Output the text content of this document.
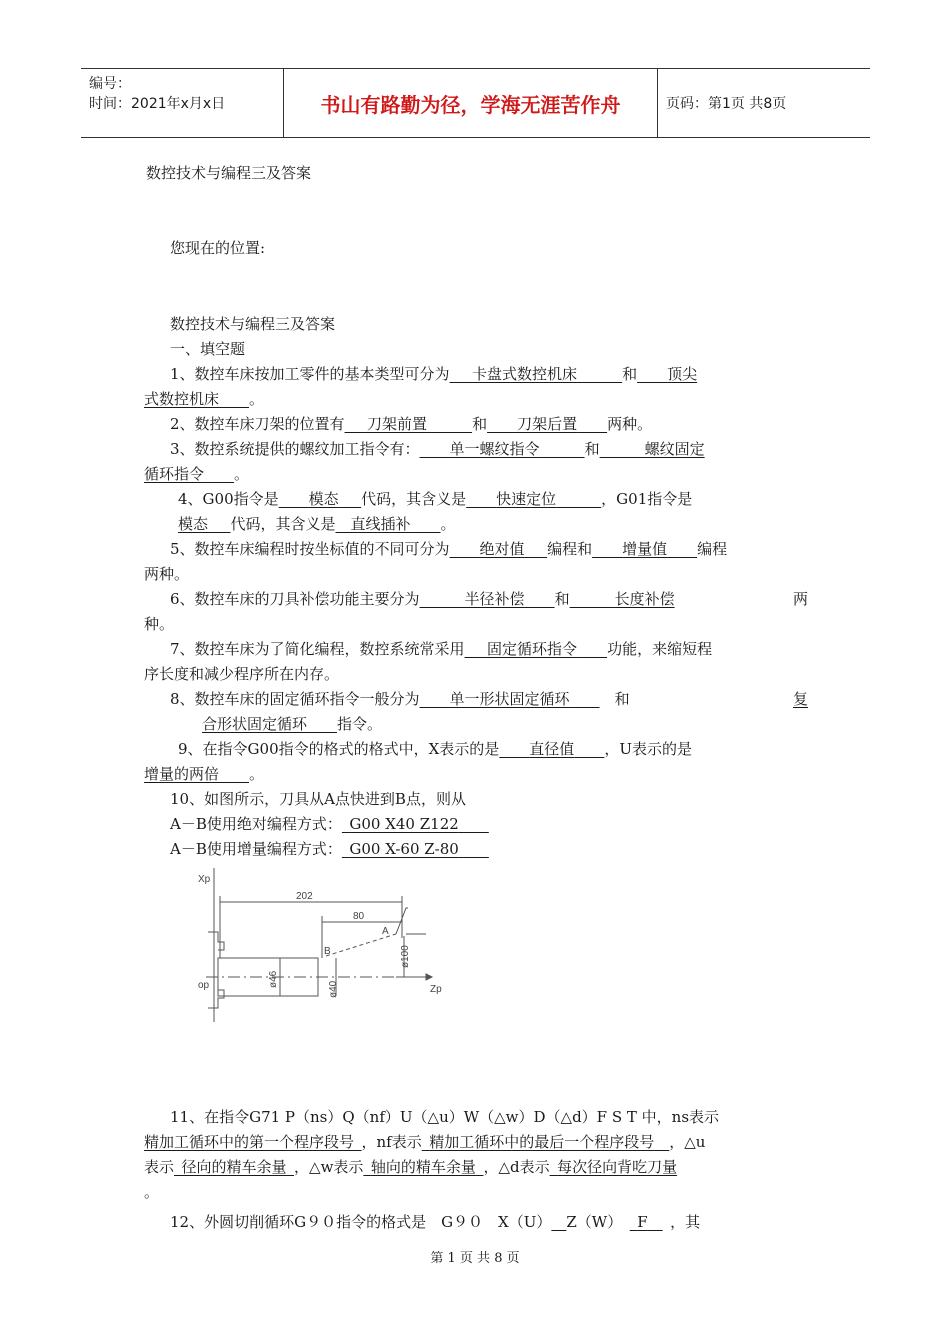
编号：
时间：2021年x月x日	书山有路勤为径，学海无涯苦作舟	页码：第1页 共8页
数控技术与编程三及答案
您现在的位置:

数控技术与编程三及答案

一、填空题

1、数控车床按加工零件的基本类型可分为   卡盘式数控机床   	和   顶尖

式数控机床   。

2、数控车床刀架的位置有   刀架前置   	和   刀架后置   两种。

3、数控系统提供的螺纹加工指令有：   单一螺纹指令   	和   	螺纹固定

循环指令   。

4、G00指令是   模态   代码，其含义是   快速定位   	，G01指令是

模态   代码，其含义是  直线插补   。

5、数控车床编程时按坐标值的不同可分为   绝对值   编程和   增量值   编程

两种。

6、数控车床的刀具补偿功能主要分为   	半径补偿   和   	长度补偿	两

种。

7、数控车床为了简化编程，数控系统常采用   固定循环指令   功能，来缩短程

序长度和减少程序所在内存。

8、数控车床的固定循环指令一般分为   单一形状固定循环   	和	复

合形状固定循环   指令。

9、在指令G00指令的格式的格式中，X表示的是   直径值   ，U表示的是

增量的两倍   。

10、如图所示，刀具从A点快进到B点，则从

A－B使用绝对编程方式：  G00 X40 Z122  

A－B使用增量编程方式：  G00 X-60 Z-80  

Xp
op	Zp
202
80
A
B
ø46
ø40
ø100

11、在指令G71 P（ns）Q（nf）U（△u）W（△w）D（△d）F S T 中，ns表示

精加工循环中的第一个程序段号  ，nf表示  精加工循环中的最后一个程序段号  ，△u

表示  径向的精车余量  ，△w表示  轴向的精车余量  ，△d表示  每次径向背吃刀量

。

12、外圆切削循环G９０指令的格式是　G９０　X（U）   Z（W）   F    ，其

第 1 页 共 8 页
